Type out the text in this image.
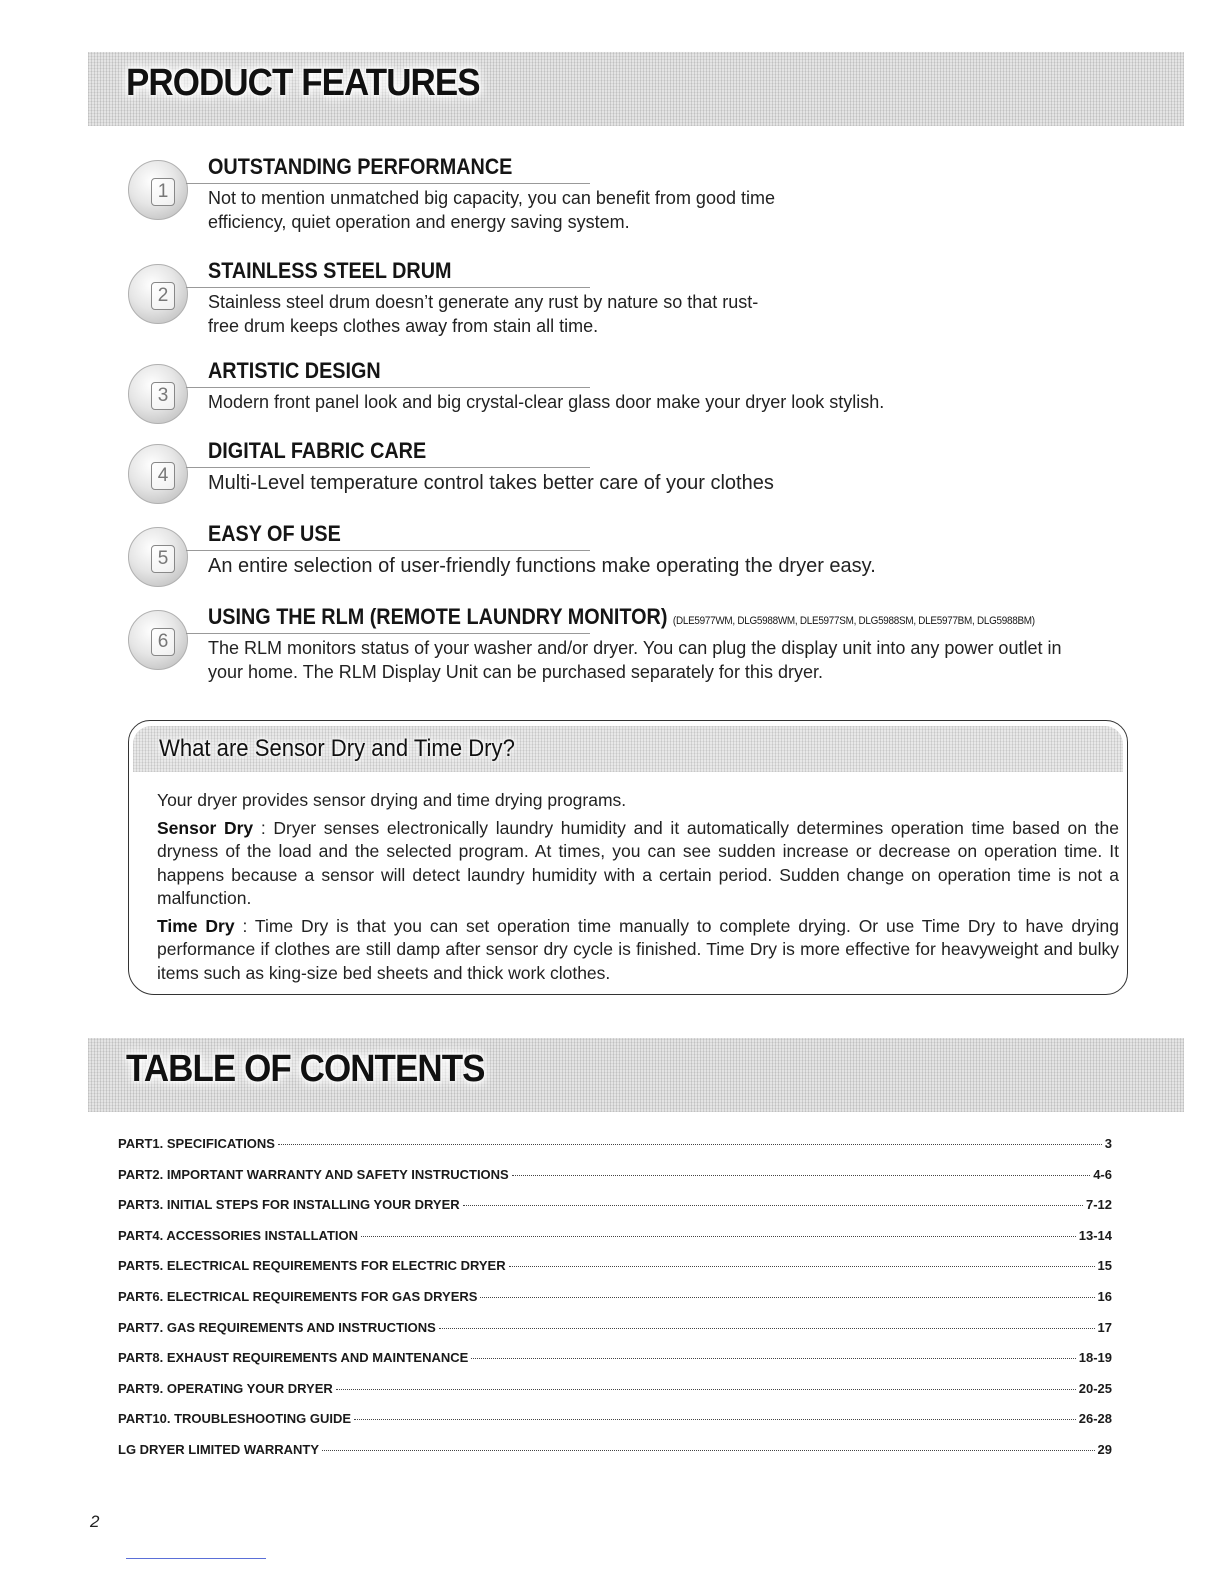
PRODUCT FEATURES
1
OUTSTANDING PERFORMANCE
Not to mention unmatched big capacity, you can benefit from good time efficiency, quiet operation and energy saving system.
2
STAINLESS STEEL DRUM
Stainless steel drum doesn’t generate any rust by nature so that rust-free drum keeps clothes away from stain all time.
3
ARTISTIC DESIGN
Modern front panel look and big crystal-clear glass door make your dryer look stylish.
4
DIGITAL FABRIC CARE
Multi-Level temperature control takes better care of your clothes
5
EASY OF USE
An entire selection of user-friendly functions make operating the dryer easy.
6
USING THE RLM (REMOTE LAUNDRY MONITOR) (DLE5977WM, DLG5988WM, DLE5977SM, DLG5988SM, DLE5977BM, DLG5988BM)
The RLM monitors status of your washer and/or dryer. You can plug the display unit into any power outlet in your home. The RLM Display Unit can be purchased separately for this dryer.
What are Sensor Dry and Time Dry?

Your dryer provides sensor drying and time drying programs.

Sensor Dry : Dryer senses electronically laundry humidity and it automatically determines operation time based on the dryness of the load and the selected program. At times, you can see sudden increase or decrease on operation time. It happens because a sensor will detect laundry humidity with a certain period. Sudden change on operation time is not a malfunction.

Time Dry : Time Dry is that you can set operation time manually to complete drying. Or use Time Dry to have drying performance if clothes are still damp after sensor dry cycle is finished. Time Dry is more effective for heavyweight and bulky items such as king-size bed sheets and thick work clothes.

TABLE OF CONTENTS
PART1. SPECIFICATIONS	3
PART2. IMPORTANT WARRANTY AND SAFETY INSTRUCTIONS	4-6
PART3. INITIAL STEPS FOR INSTALLING YOUR DRYER	7-12
PART4. ACCESSORIES INSTALLATION	13-14
PART5. ELECTRICAL REQUIREMENTS FOR ELECTRIC DRYER	15
PART6. ELECTRICAL REQUIREMENTS FOR GAS DRYERS	16
PART7. GAS REQUIREMENTS AND INSTRUCTIONS	17
PART8. EXHAUST REQUIREMENTS AND MAINTENANCE	18-19
PART9. OPERATING YOUR DRYER	20-25
PART10. TROUBLESHOOTING GUIDE	26-28
LG DRYER LIMITED WARRANTY	29
2
